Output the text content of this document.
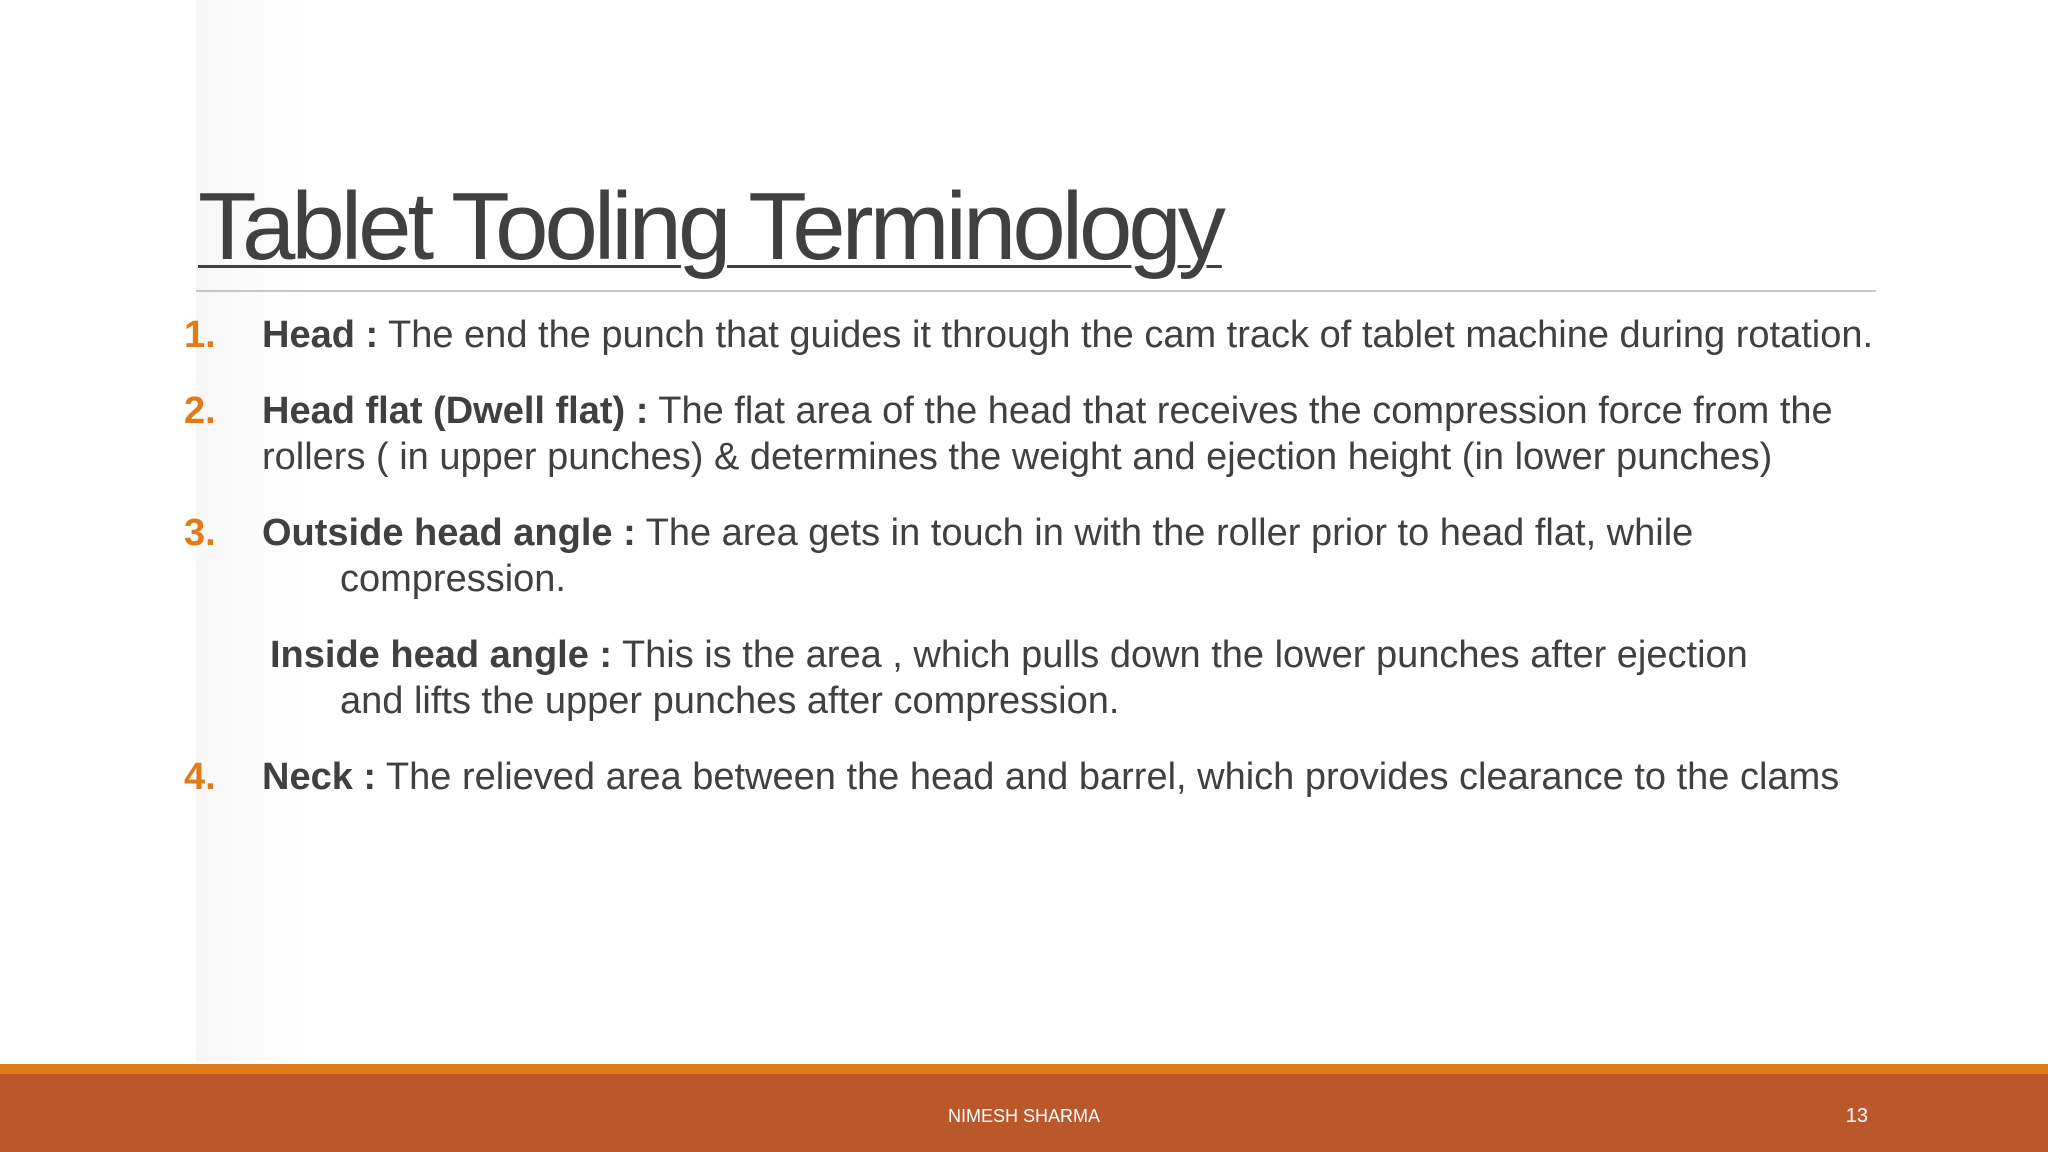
Tablet Tooling Terminology
1. Head : The end the punch that guides it through the cam track of tablet machine during rotation.
2. Head flat (Dwell flat) : The flat area of the head that receives the compression force from the rollers ( in upper punches) & determines the weight and ejection height (in lower punches)
3.	Outside head angle : The area gets in touch in with the roller prior to head flat, while
compression.
Inside head angle : This is the area , which pulls down the lower punches after ejection
and lifts the upper punches after compression.
4. Neck : The relieved area between the head and barrel, which provides clearance to the clams
NIMESH SHARMA	13
